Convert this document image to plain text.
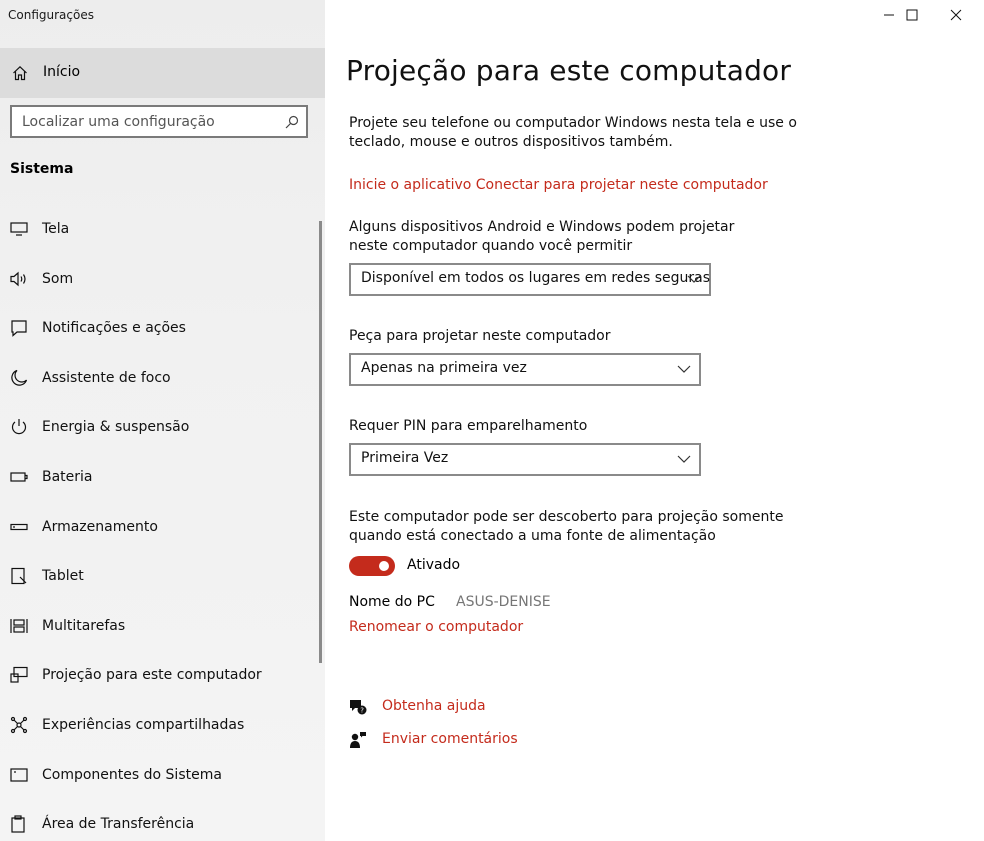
Configurações
Início
Localizar uma configuração
Sistema
Tela
Som
Notificações e ações
Assistente de foco
Energia & suspensão
Bateria
Armazenamento
Tablet
Multitarefas
Projeção para este computador
Experiências compartilhadas
Componentes do Sistema
Área de Transferência
Projeção para este computador

Projete seu telefone ou computador Windows nesta tela e use o teclado, mouse e outros dispositivos também.

Inicie o aplicativo Conectar para projetar neste computador

Alguns dispositivos Android e Windows podem projetar neste computador quando você permitir

Disponível em todos os lugares em redes seguras
Peça para projetar neste computador
Apenas na primeira vez
Requer PIN para emparelhamento
Primeira Vez

Este computador pode ser descoberto para projeção somente quando está conectado a uma fonte de alimentação

Ativado
Nome do PC ASUS-DENISE
Renomear o computador
? Obtenha ajuda
Enviar comentários
